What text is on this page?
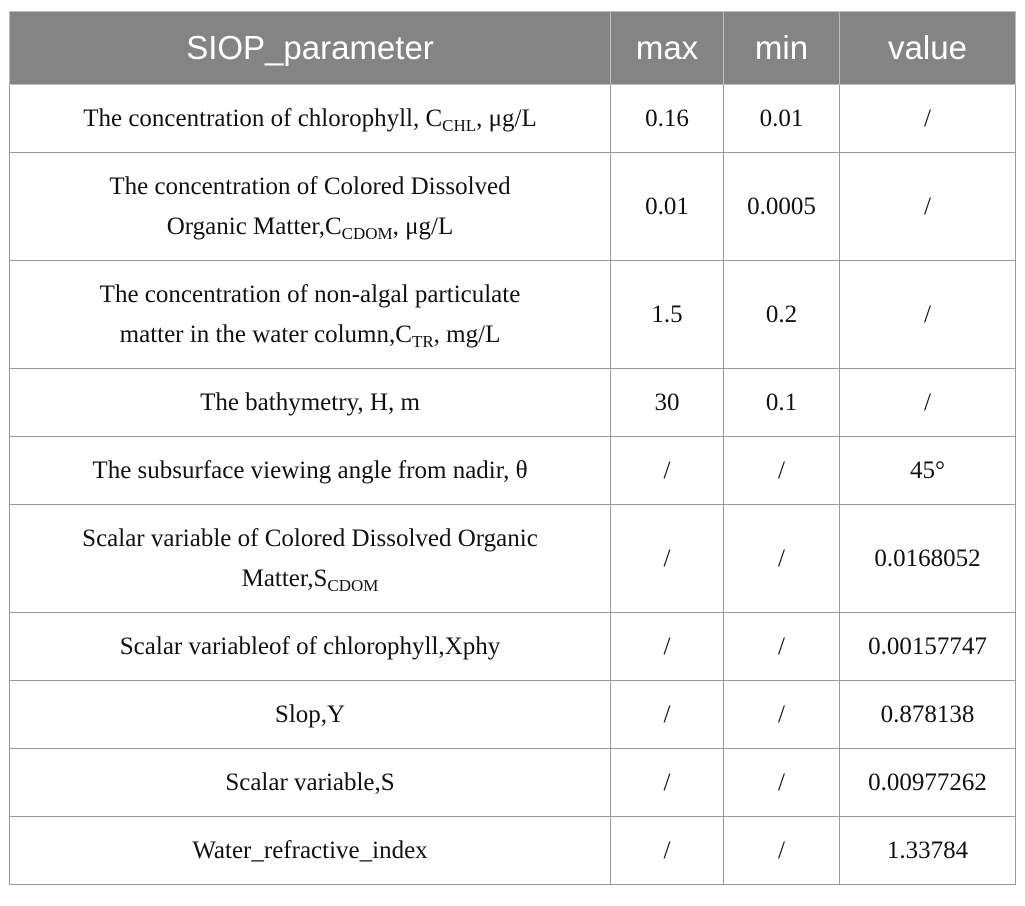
SIOP_parameter	max	min	value
The concentration of chlorophyll, $C_{CHL}$, μg/L	0.16	0.01	/
The concentration of Colored Dissolved
Organic $Matter,C_{CDOM}$, μg/L	0.01	0.0005	/
The concentration of non-algal particulate
matter in the water $column,C_{TR}$, mg/L	1.5	0.2	/
The bathymetry, H, m	30	0.1	/
The subsurface viewing angle from nadir, θ	/	/	45°
Scalar variable of Colored Dissolved Organic
$Matter,S_{CDOM}$	/	/	0.0168052
Scalar variableof of chlorophyll,Xphy	/	/	0.00157747
Slop,Y	/	/	0.878138
Scalar variable,S	/	/	0.00977262
Water_refractive_index	/	/	1.33784
